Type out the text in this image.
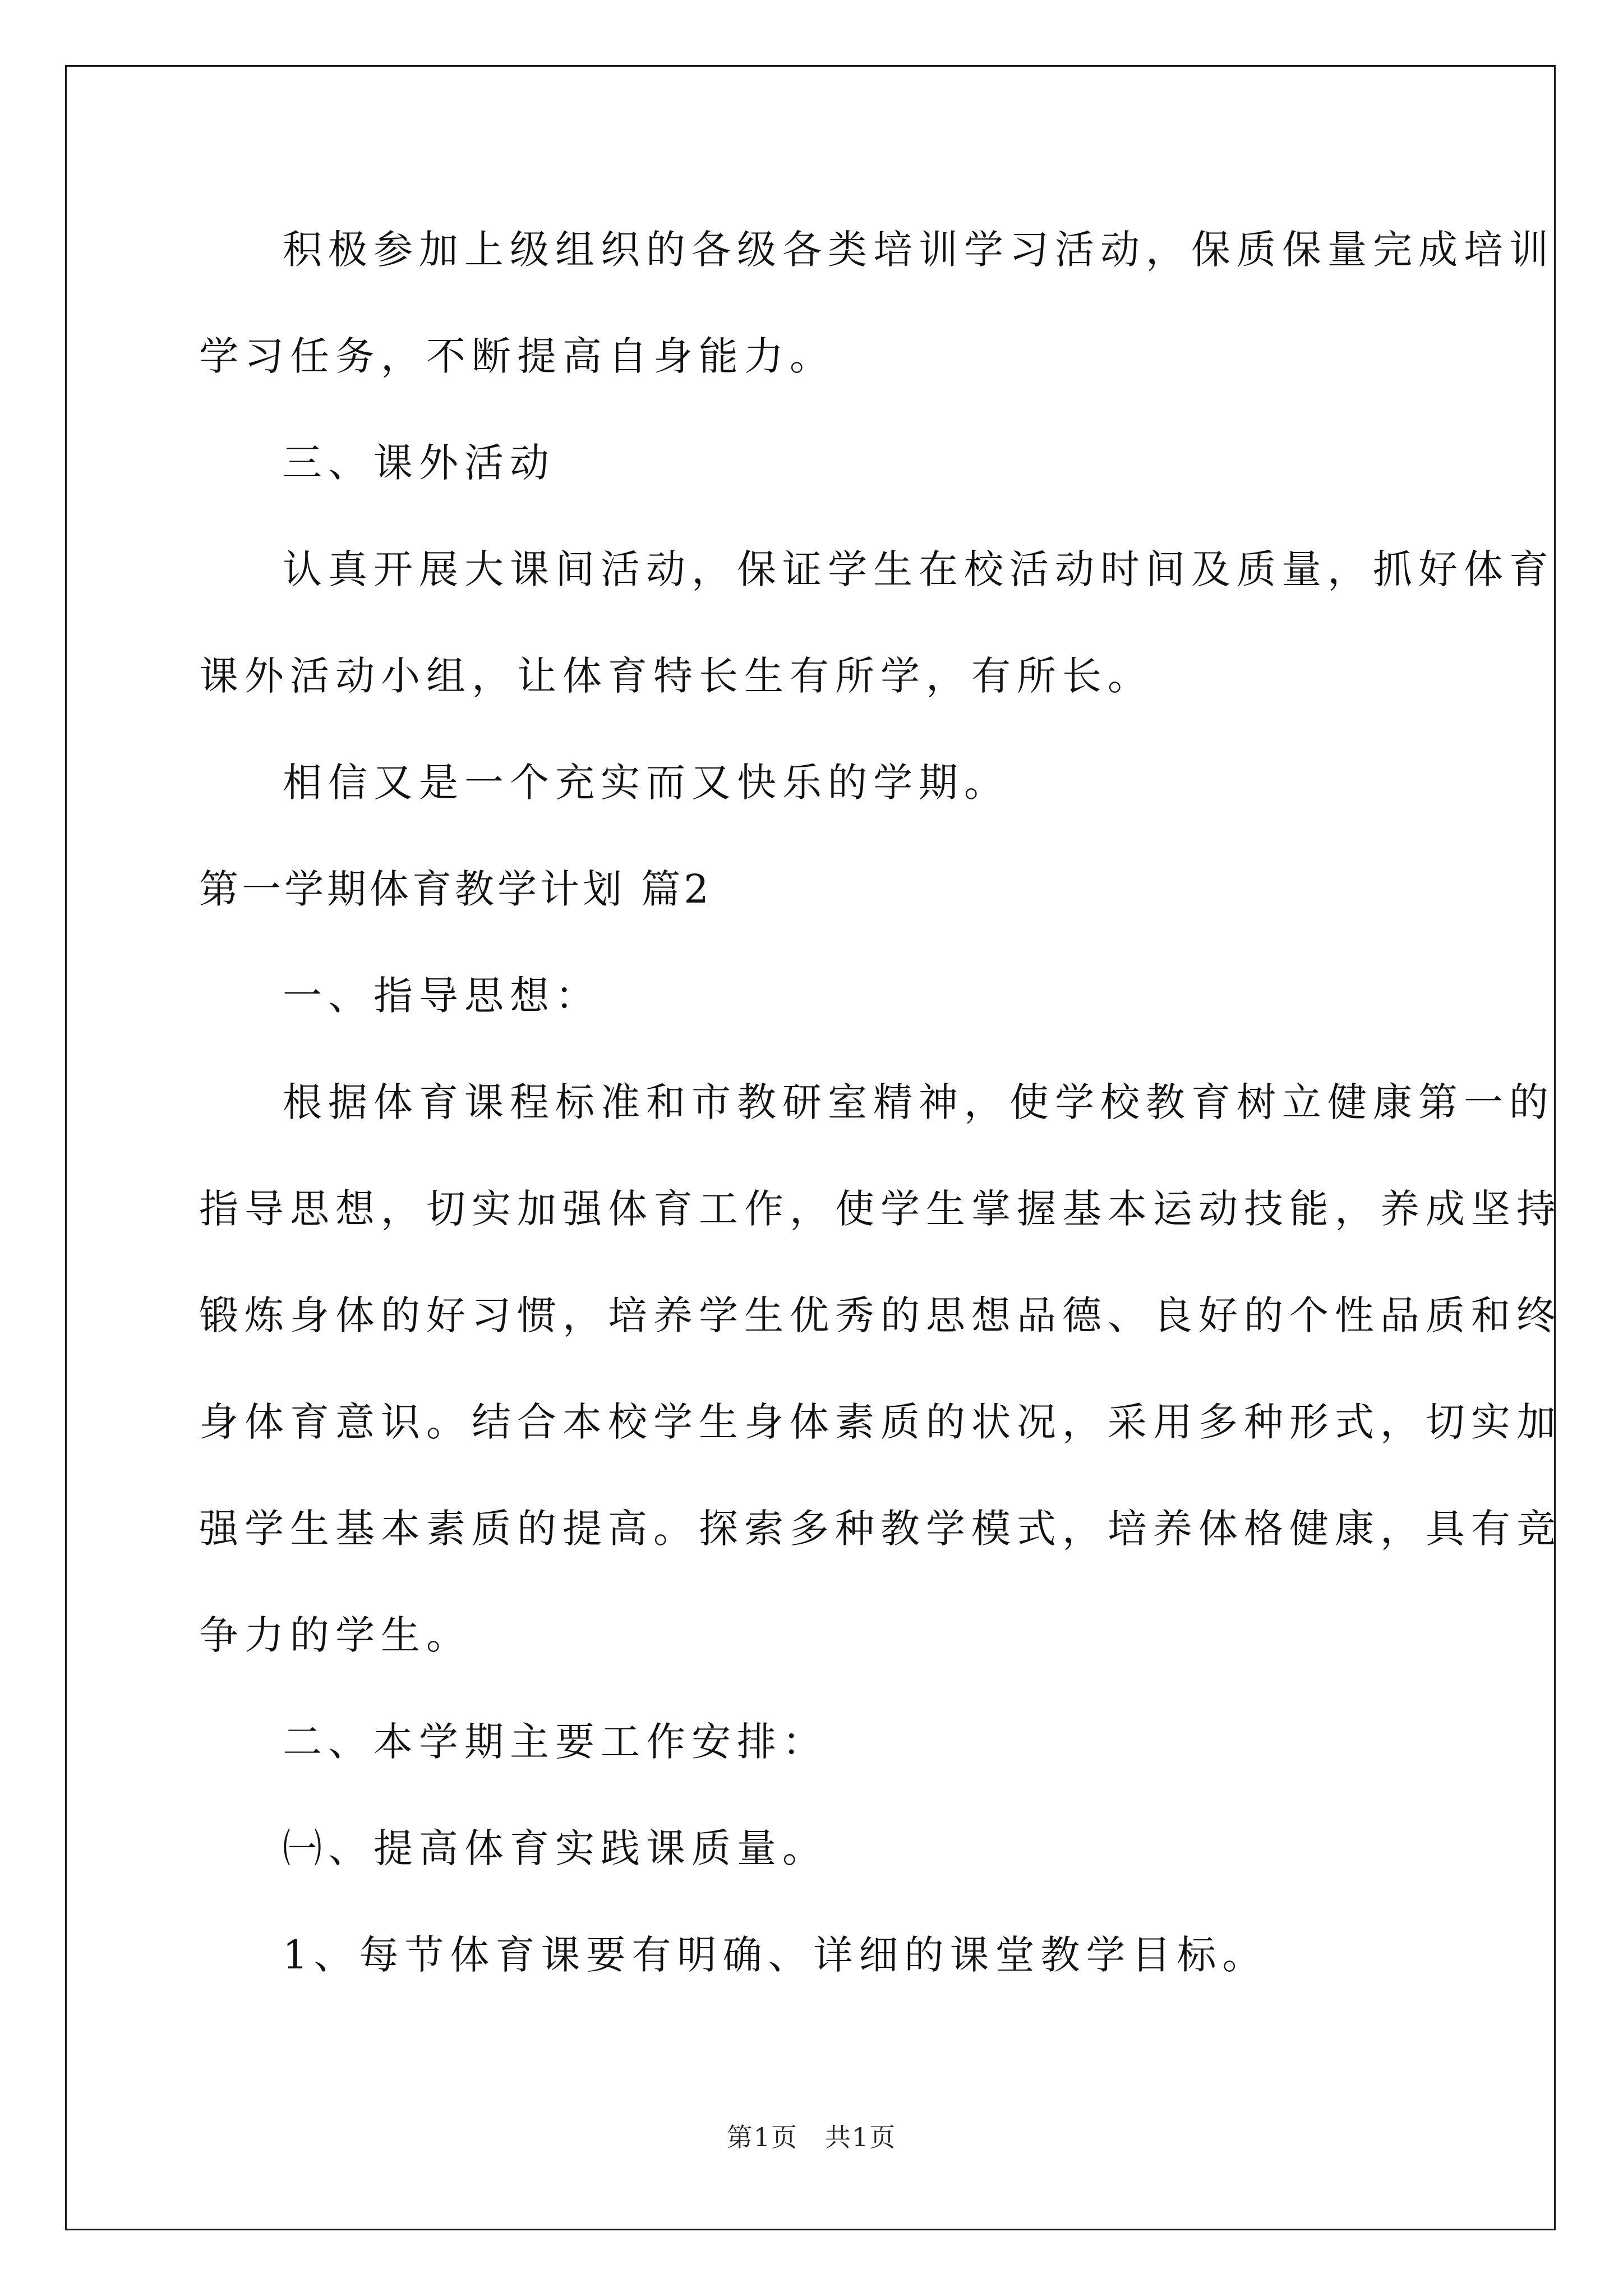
积极参加上级组织的各级各类培训学习活动，保质保量完成培训

学习任务，不断提高自身能力。

三、课外活动

认真开展大课间活动，保证学生在校活动时间及质量，抓好体育

课外活动小组，让体育特长生有所学，有所长。

相信又是一个充实而又快乐的学期。

第一学期体育教学计划 篇2

一、指导思想：

根据体育课程标准和市教研室精神，使学校教育树立健康第一的

指导思想，切实加强体育工作，使学生掌握基本运动技能，养成坚持

锻炼身体的好习惯，培养学生优秀的思想品德、良好的个性品质和终

身体育意识。结合本校学生身体素质的状况，采用多种形式，切实加

强学生基本素质的提高。探索多种教学模式，培养体格健康，具有竞

争力的学生。

二、本学期主要工作安排：

㈠、提高体育实践课质量。

1、每节体育课要有明确、详细的课堂教学目标。

第1页　共1页
